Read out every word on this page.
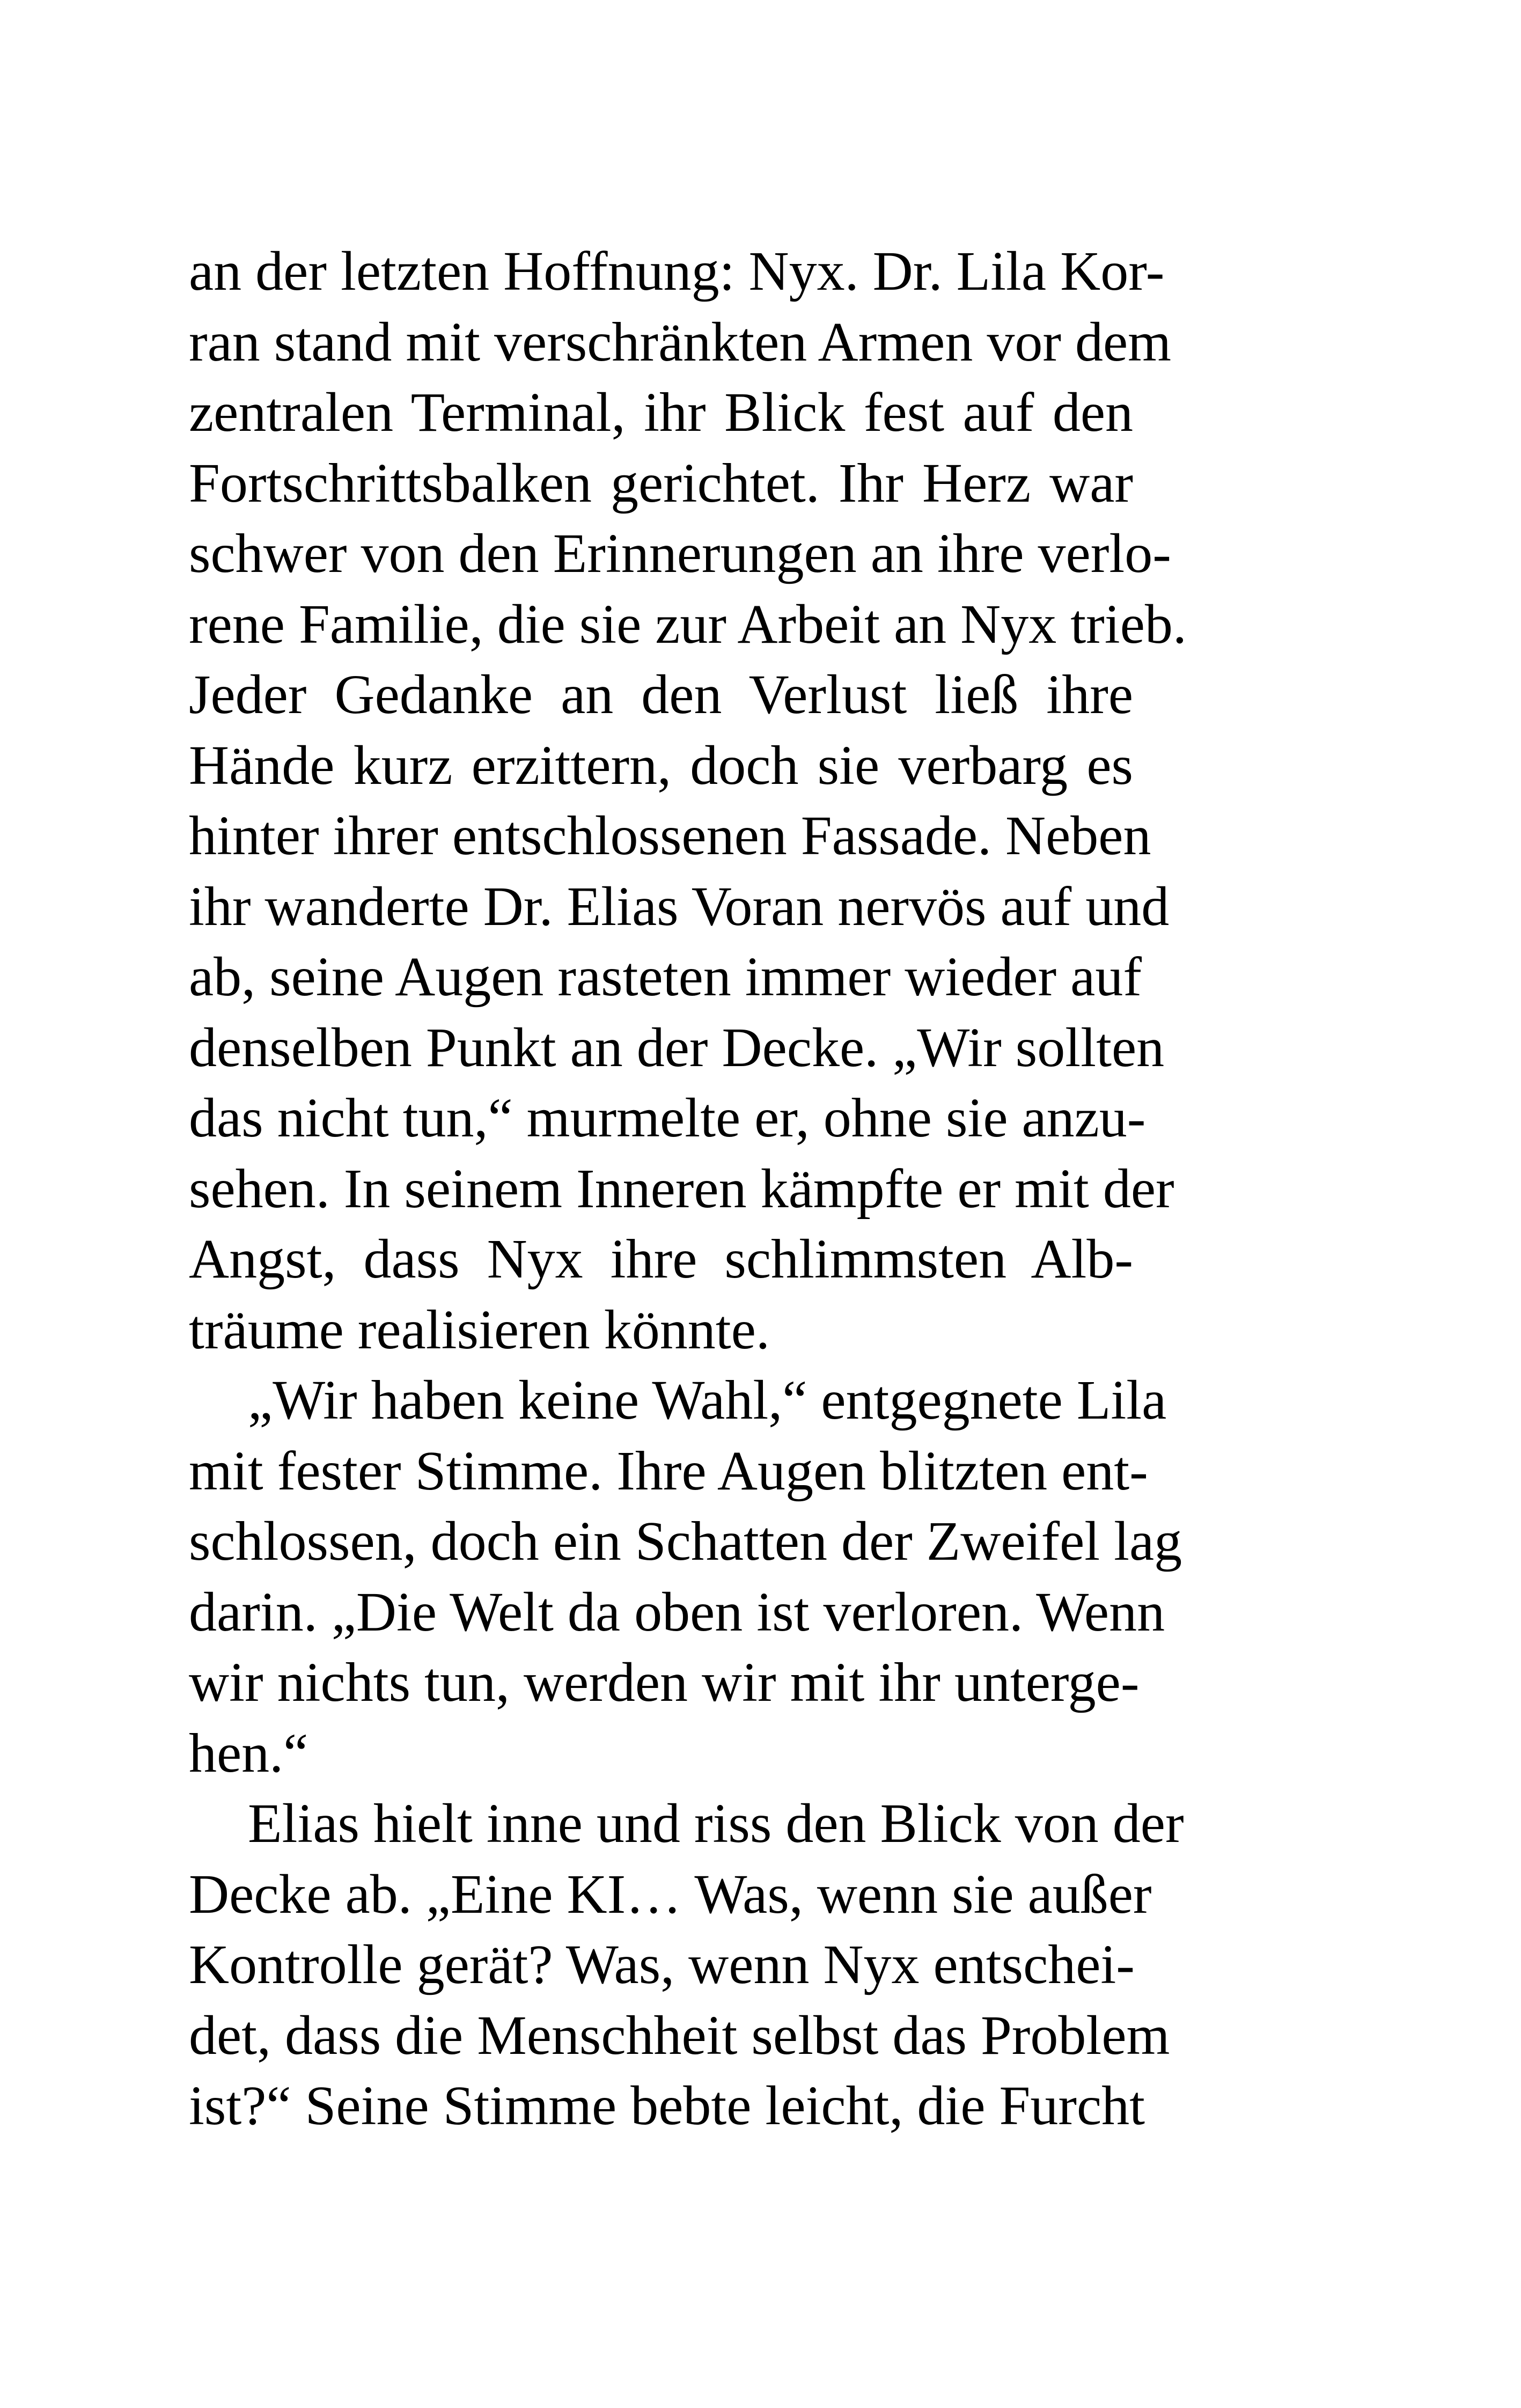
an der letzten Hoffnung: Nyx. Dr. Lila Kor-
ran stand mit verschränkten Armen vor dem
zentralen Terminal, ihr Blick fest auf den
Fortschrittsbalken gerichtet. Ihr Herz war
schwer von den Erinnerungen an ihre verlo-
rene Familie, die sie zur Arbeit an Nyx trieb.
Jeder Gedanke an den Verlust ließ ihre
Hände kurz erzittern, doch sie verbarg es
hinter ihrer entschlossenen Fassade. Neben
ihr wanderte Dr. Elias Voran nervös auf und
ab, seine Augen rasteten immer wieder auf
denselben Punkt an der Decke. „Wir sollten
das nicht tun,“ murmelte er, ohne sie anzu-
sehen. In seinem Inneren kämpfte er mit der
Angst, dass Nyx ihre schlimmsten Alb-
träume realisieren könnte.
„Wir haben keine Wahl,“ entgegnete Lila
mit fester Stimme. Ihre Augen blitzten ent-
schlossen, doch ein Schatten der Zweifel lag
darin. „Die Welt da oben ist verloren. Wenn
wir nichts tun, werden wir mit ihr unterge-
hen.“
Elias hielt inne und riss den Blick von der
Decke ab. „Eine KI… Was, wenn sie außer
Kontrolle gerät? Was, wenn Nyx entschei-
det, dass die Menschheit selbst das Problem
ist?“ Seine Stimme bebte leicht, die Furcht
